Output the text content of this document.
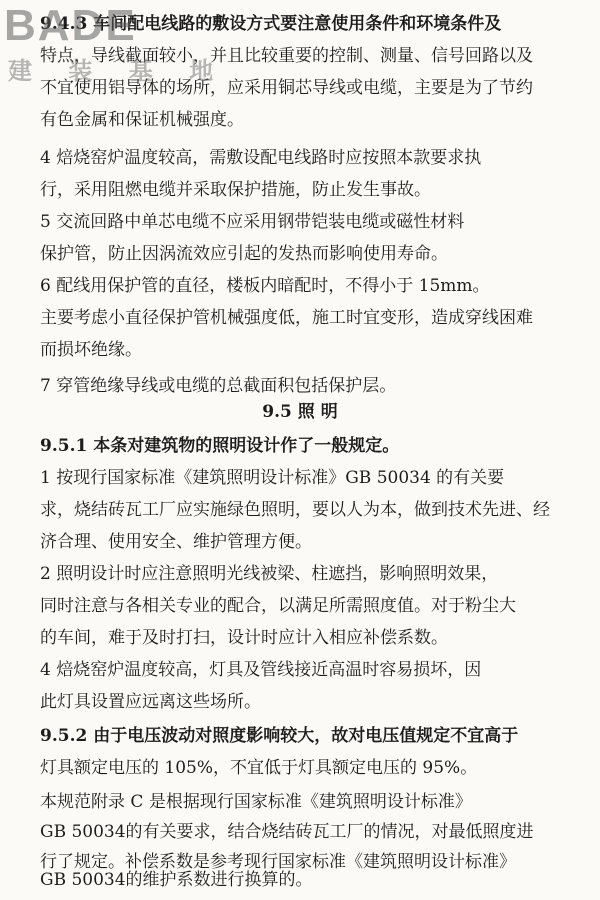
9.4.3 车间配电线路的敷设方式要注意使用条件和环境条件及
特点，导线截面较小，并且比较重要的控制、测量、信号回路以及
不宜使用铝导体的场所，应采用铜芯导线或电缆，主要是为了节约
有色金属和保证机械强度。
4 焙烧窑炉温度较高，需敷设配电线路时应按照本款要求执
行，采用阻燃电缆并采取保护措施，防止发生事故。
5 交流回路中单芯电缆不应采用钢带铠装电缆或磁性材料
保护管，防止因涡流效应引起的发热而影响使用寿命。
6 配线用保护管的直径，楼板内暗配时，不得小于 15mm。
主要考虑小直径保护管机械强度低，施工时宜变形，造成穿线困难
而损坏绝缘。
7 穿管绝缘导线或电缆的总截面积包括保护层。
9.5 照 明
9.5.1 本条对建筑物的照明设计作了一般规定。
1 按现行国家标准《建筑照明设计标准》GB 50034 的有关要
求，烧结砖瓦工厂应实施绿色照明，要以人为本，做到技术先进、经
济合理、使用安全、维护管理方便。
2 照明设计时应注意照明光线被梁、柱遮挡，影响照明效果，
同时注意与各相关专业的配合，以满足所需照度值。对于粉尘大
的车间，难于及时打扫，设计时应计入相应补偿系数。
4 焙烧窑炉温度较高，灯具及管线接近高温时容易损坏，因
此灯具设置应远离这些场所。
9.5.2 由于电压波动对照度影响较大，故对电压值规定不宜高于
灯具额定电压的 105%，不宜低于灯具额定电压的 95%。
本规范附录 C 是根据现行国家标准《建筑照明设计标准》
GB 50034的有关要求，结合烧结砖瓦工厂的情况，对最低照度进
行了规定。补偿系数是参考现行国家标准《建筑照明设计标准》
GB 50034的维护系数进行换算的。
BADE
建 装 基 地
